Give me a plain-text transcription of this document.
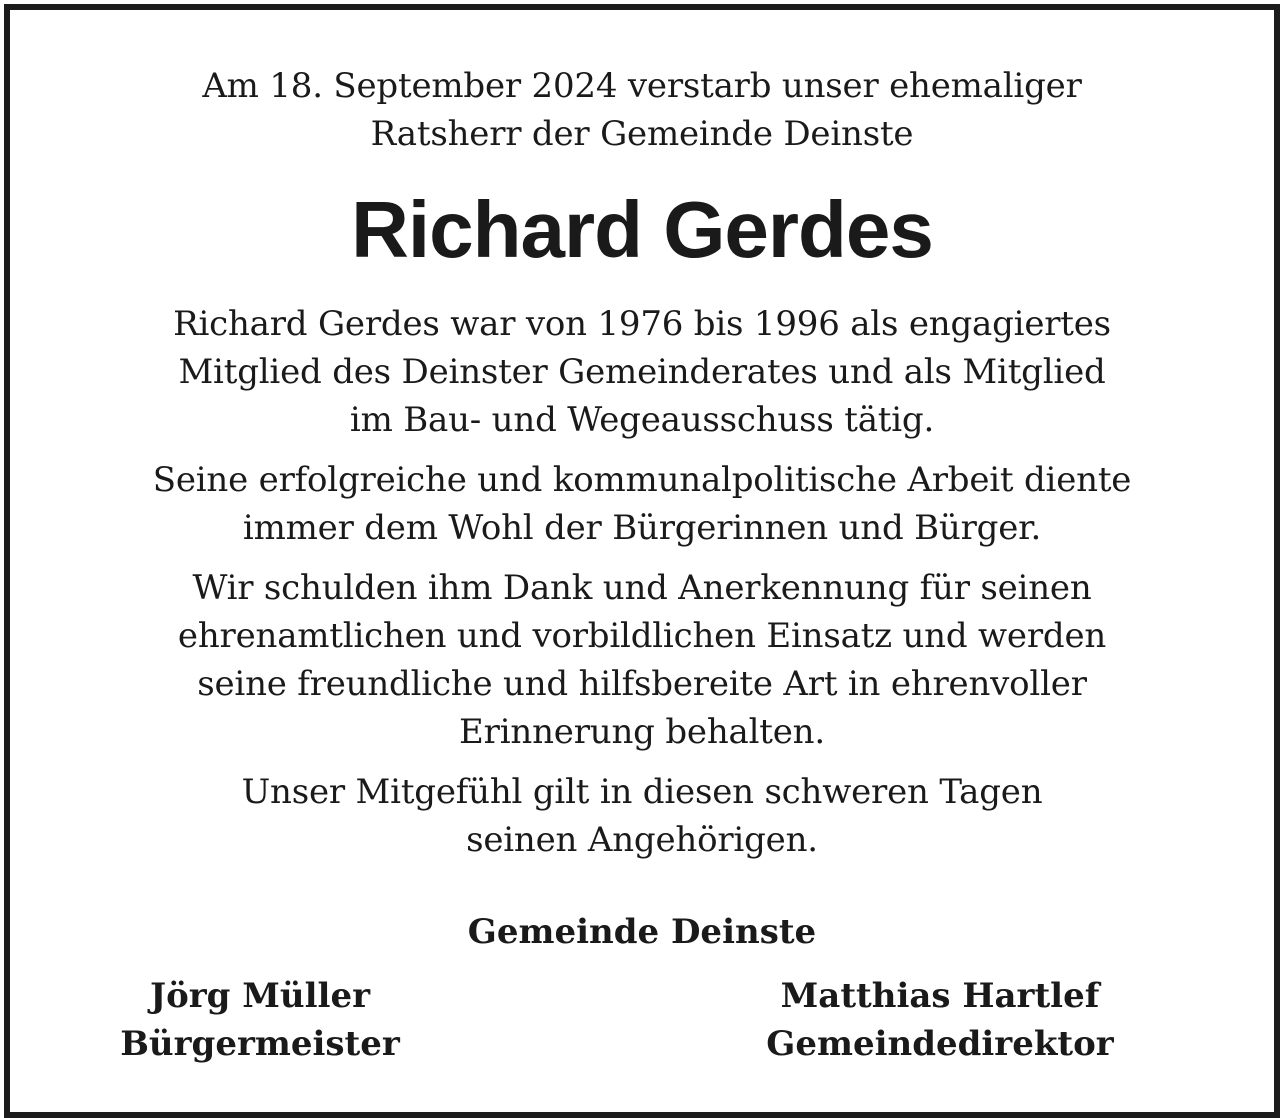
Am 18. September 2024 verstarb unser ehemaliger
Ratsherr der Gemeinde Deinste
Richard Gerdes
Richard Gerdes war von 1976 bis 1996 als engagiertes
Mitglied des Deinster Gemeinderates und als Mitglied
im Bau- und Wegeausschuss tätig.
Seine erfolgreiche und kommunalpolitische Arbeit diente
immer dem Wohl der Bürgerinnen und Bürger.
Wir schulden ihm Dank und Anerkennung für seinen
ehrenamtlichen und vorbildlichen Einsatz und werden
seine freundliche und hilfsbereite Art in ehrenvoller
Erinnerung behalten.
Unser Mitgefühl gilt in diesen schweren Tagen
seinen Angehörigen.
Gemeinde Deinste
Jörg Müller
Bürgermeister
Matthias Hartlef
Gemeindedirektor
